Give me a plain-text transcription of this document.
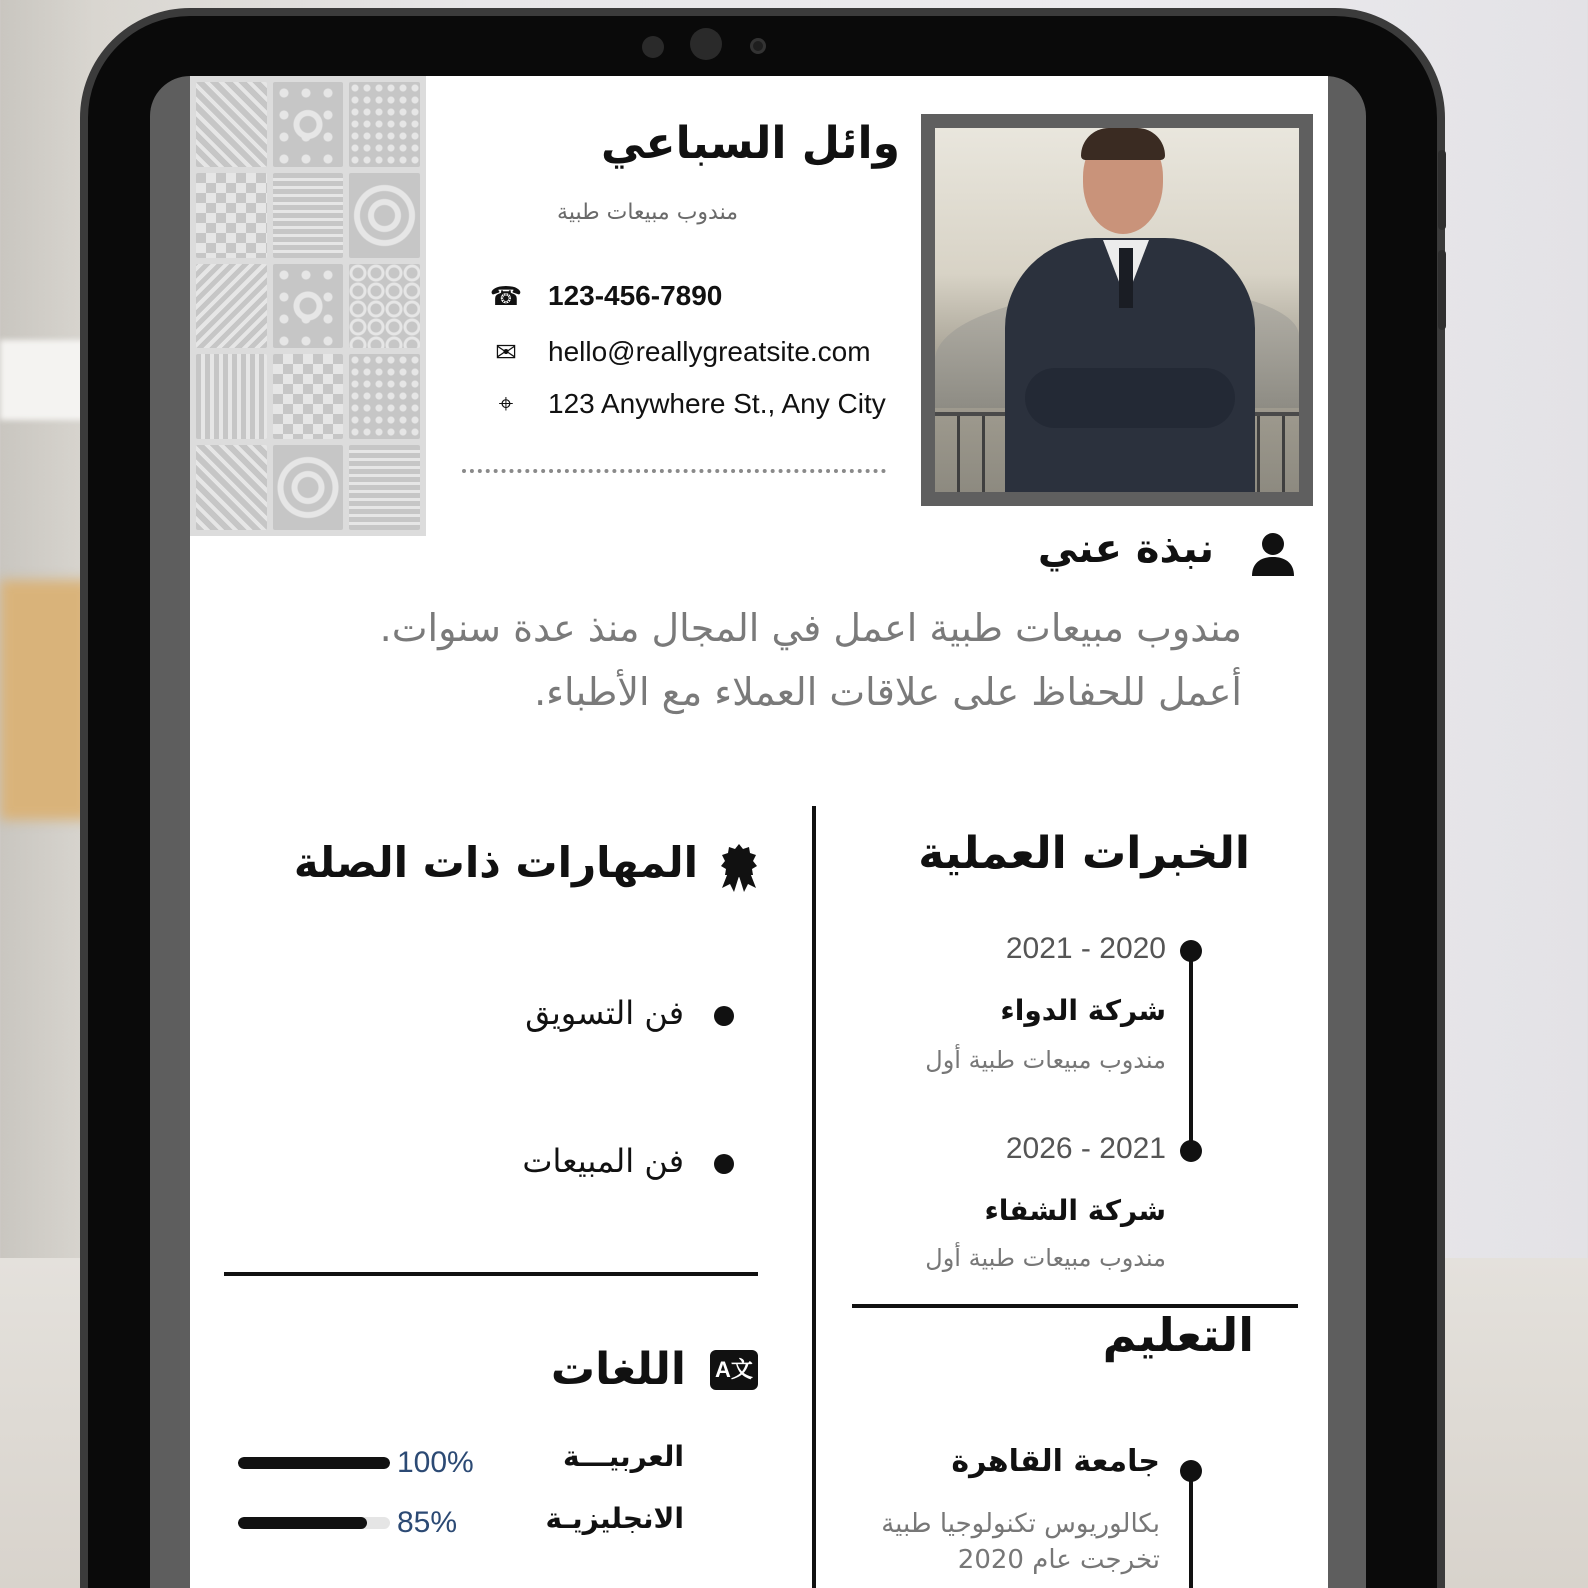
وائل السباعي
مندوب مبيعات طبية
☎ 123-456-7890
✉	hello@reallygreatsite.com
⌖	123 Anywhere St., Any City
نبذة عني
مندوب مبيعات طبية اعمل في المجال منذ عدة سنوات. أعمل للحفاظ على علاقات العملاء مع الأطباء.
الخبرات العملية
2021 - 2020
شركة الدواء
مندوب مبيعات طبية أول
2026 - 2021
شركة الشفاء
مندوب مبيعات طبية أول
التعليم
جامعة القاهرة
بكالوريوس تكنولوجيا طبية تخرجت عام 2020
المهارات ذات الصلة
فن التسويق
فن المبيعات
A文
اللغات
العربيـــة
100%
الانجليزيـة
85%
